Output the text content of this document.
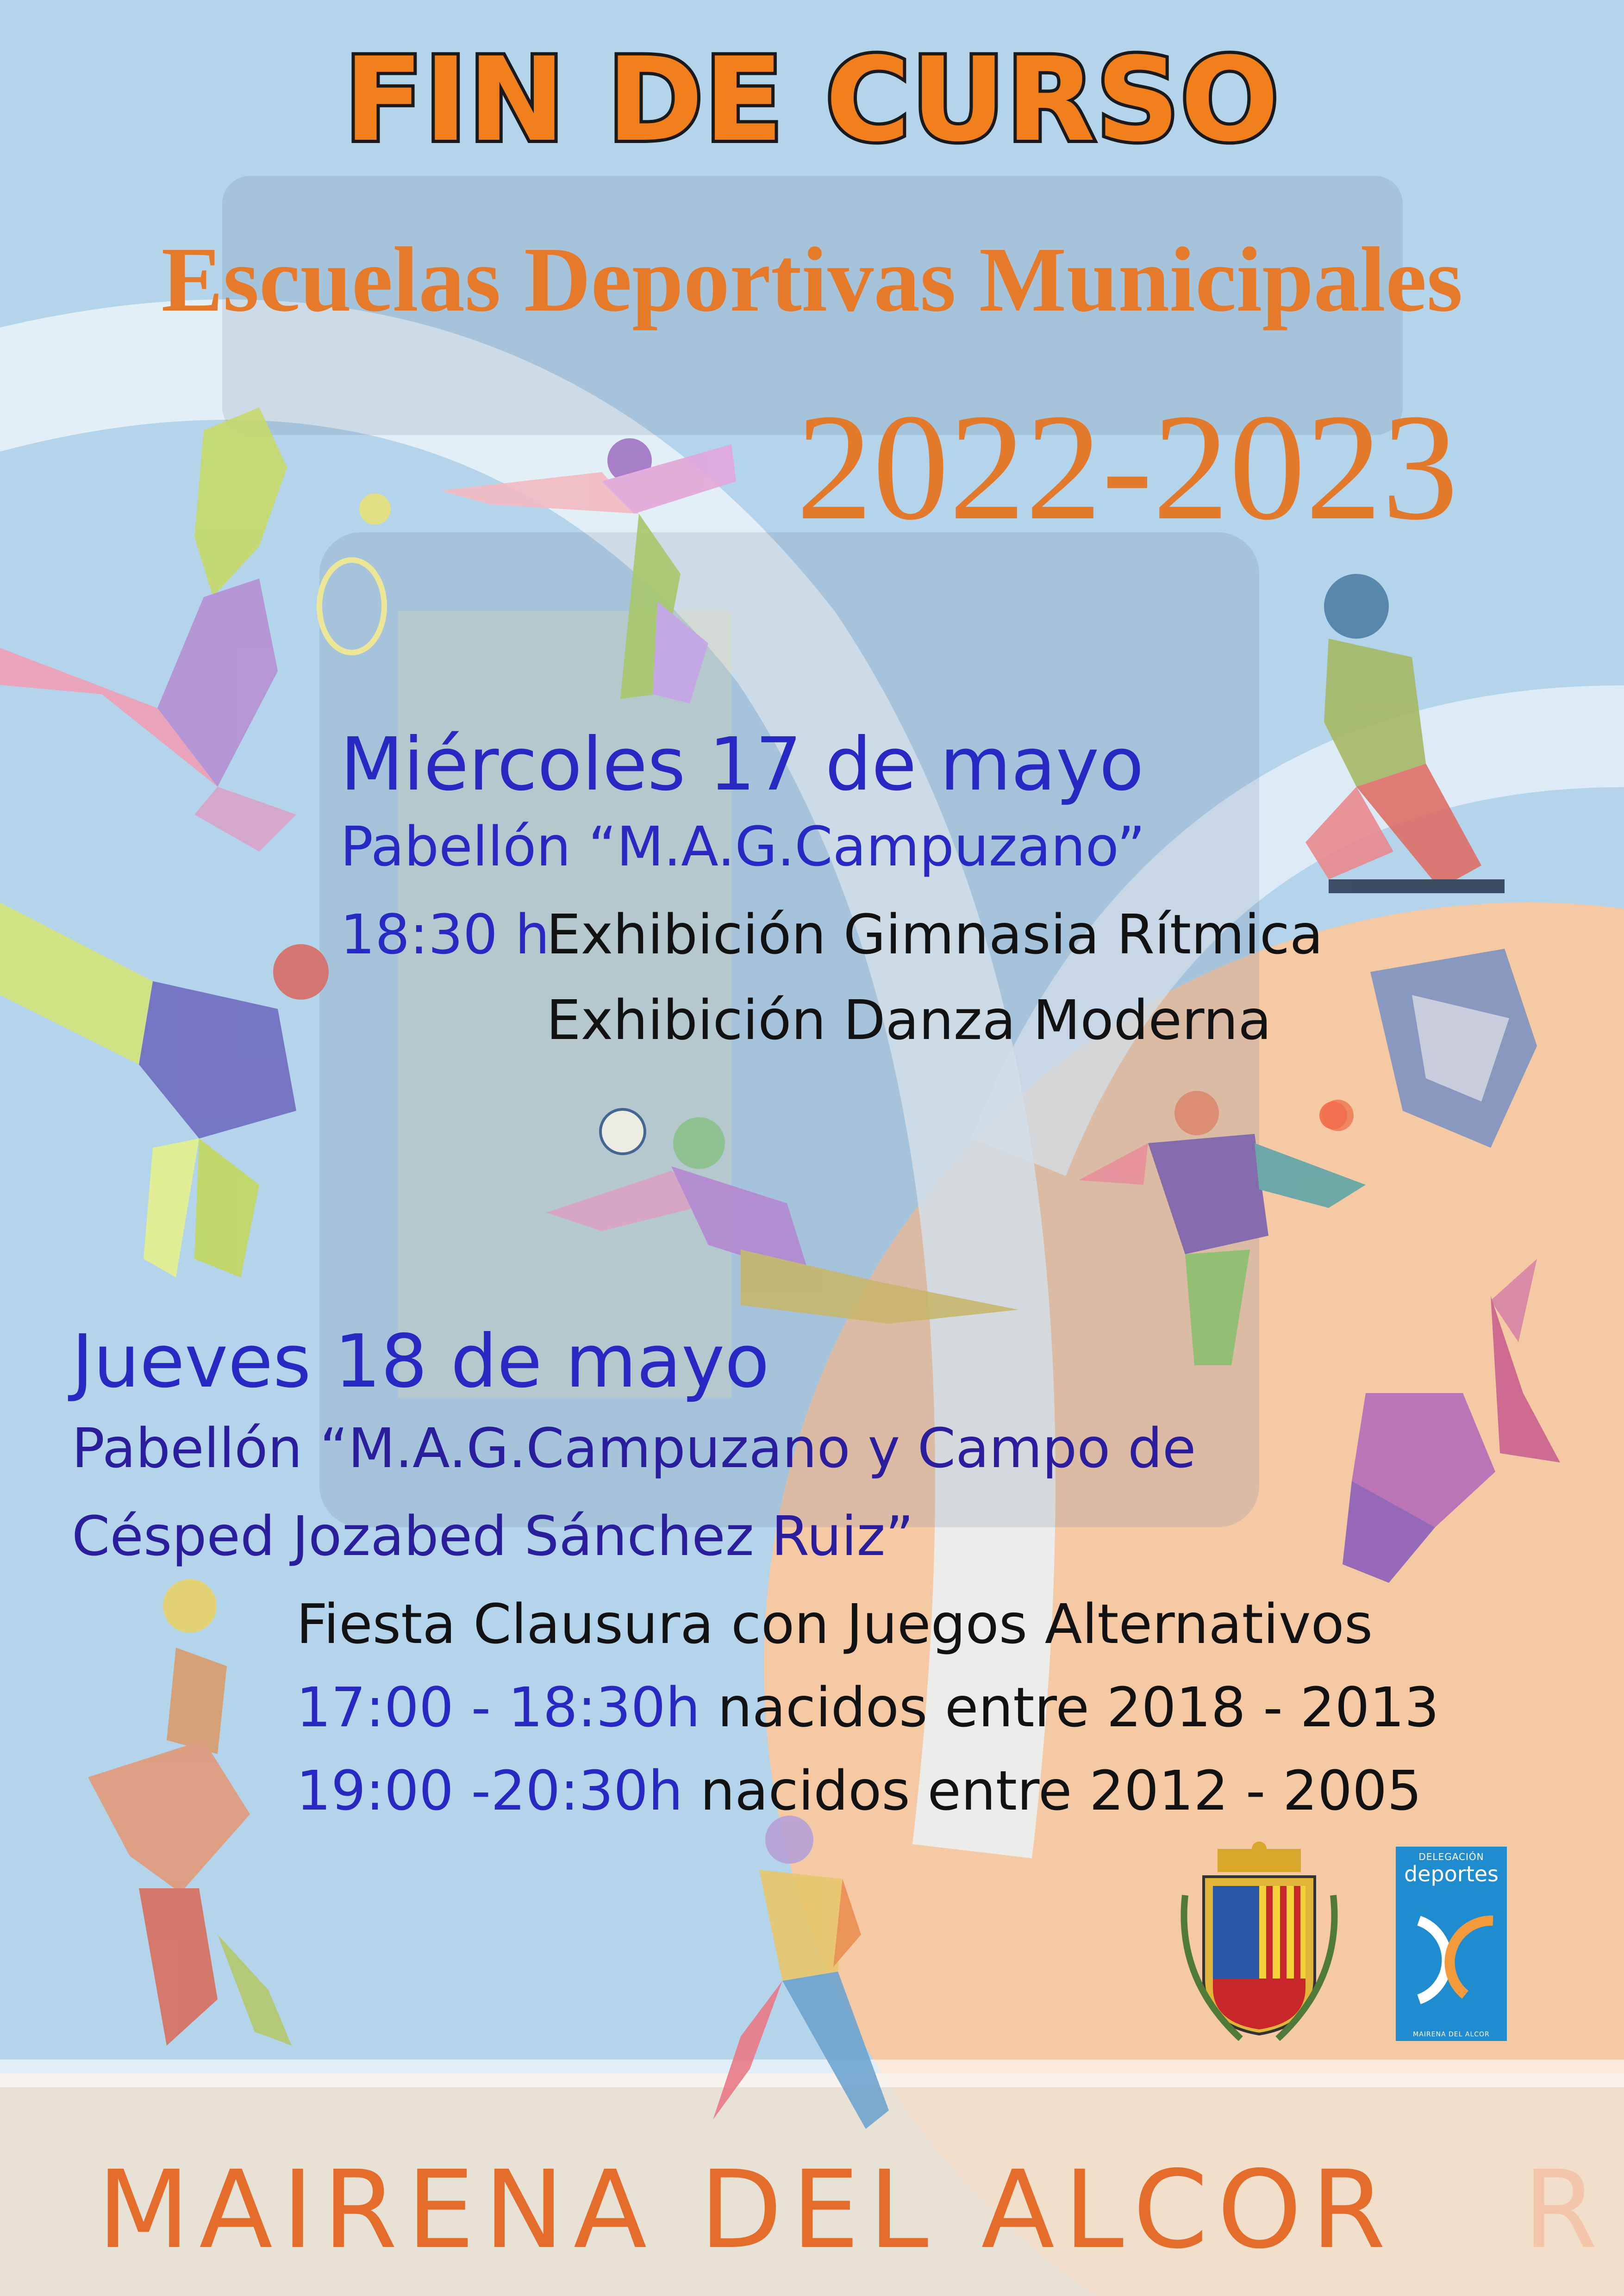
FIN DE CURSO
Escuelas Deportivas Municipales
2022-2023
Miércoles 17 de mayo
Pabellón “M.A.G.Campuzano”
18:30 h
Exhibición Gimnasia Rítmica
Exhibición Danza Moderna
Jueves 18 de mayo
Pabellón “M.A.G.Campuzano y Campo de
Césped Jozabed Sánchez Ruiz”
Fiesta Clausura con Juegos Alternativos
17:00 - 18:30h nacidos entre 2018 - 2013
19:00 -20:30h nacidos entre 2012 - 2005
DELEGACIÓN
deportes
MAIRENA DEL ALCOR
MAIRENA DEL ALCOR R
